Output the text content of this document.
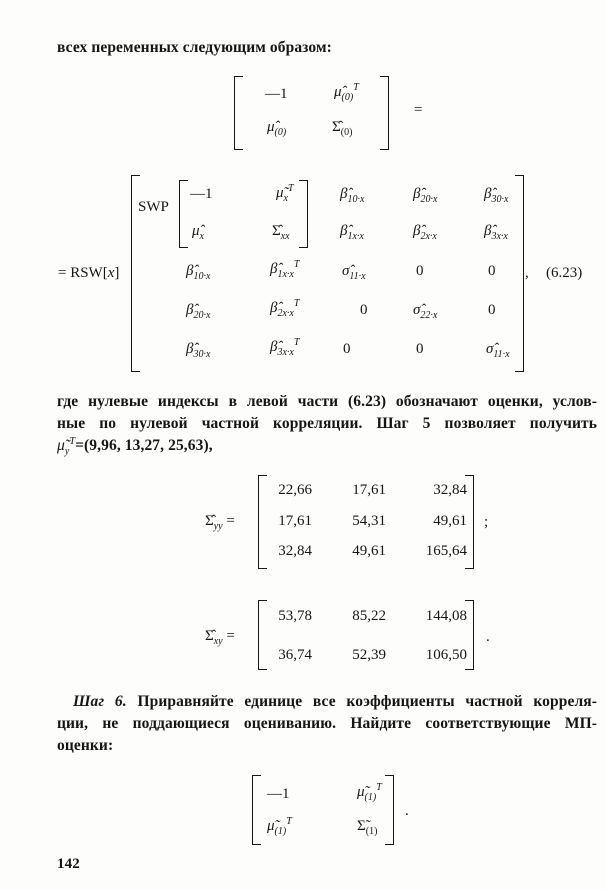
всех переменных следующим образом:
—1	$\mû_{(0)}^T$
$\mû_{(0)}$	$\Sigmâ_{(0)}$
=
= RSW[x]
SWP
—1	$\mũ_x^T$	$\betâ_{10\cdot x}$	$\betâ_{20\cdot x}$	$\betâ_{30\cdot x}$
$\mû_x$	$\Sigmâ_{xx}$	$\betâ_{1x\cdot x}$	$\betâ_{2x\cdot x}$	$\betâ_{3x\cdot x}$
$\betâ_{10\cdot x}$	$\betâ_{1x\cdot x}^T$	$\sigmâ_{11\cdot x}$	0	0
$\betâ_{20\cdot x}$	$\betâ_{2x\cdot x}^T$	0	$\sigmâ_{22\cdot x}$	0
$\betâ_{30\cdot x}$	$\betâ_{3x\cdot x}^T$	0	0	$\sigmâ_{11\cdot x}$
, (6.23)
где нулевые индексы в левой части (6.23) обозначают оценки, услов-
ные по нулевой частной корреляции. Шаг 5 позволяет получить
$\mũ_y^T=(9,96$, 13,27, 25,63),
$\Sigmâ_{yy}$ =	;
22,66	17,61	32,84
17,61	54,31	49,61
32,84	49,61	165,64
$\Sigmâ_{xy}$ =	.
53,78	85,22	144,08
36,74	52,39	106,50
Шаг 6. Приравняйте единице все коэффициенты частной корреля-
ции, не поддающиеся оцениванию. Найдите соответствующие МП-
оценки:
—1	$\mũ_{(1)}^T$
$\mũ_{(1)}^T$	$\Sigmã_{(1)}$
.
142
